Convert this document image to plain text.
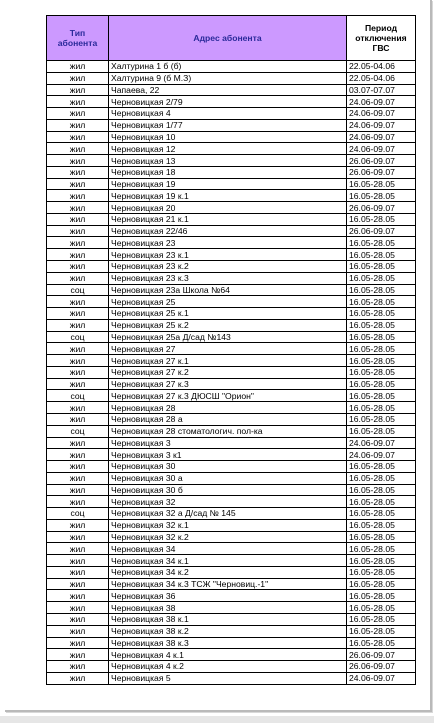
Тип абонента	Адрес абонента	Период отключения ГВС
жил	Халтурина 1 б (б)	22.05-04.06
жил	Халтурина 9 (б М.З)	22.05-04.06
жил	Чапаева, 22	03.07-07.07
жил	Черновицкая 2/79	24.06-09.07
жил	Черновицкая 4	24.06-09.07
жил	Черновицкая 1/77	24.06-09.07
жил	Черновицкая 10	24.06-09.07
жил	Черновицкая 12	24.06-09.07
жил	Черновицкая 13	26.06-09.07
жил	Черновицкая 18	26.06-09.07
жил	Черновицкая 19	16.05-28.05
жил	Черновицкая 19 к.1	16.05-28.05
жил	Черновицкая 20	26.06-09.07
жил	Черновицкая 21 к.1	16.05-28.05
жил	Черновицкая 22/46	26.06-09.07
жил	Черновицкая 23	16.05-28.05
жил	Черновицкая 23 к.1	16.05-28.05
жил	Черновицкая 23 к.2	16.05-28.05
жил	Черновицкая 23 к.3	16.05-28.05
соц	Черновицкая 23а Школа №64	16.05-28.05
жил	Черновицкая 25	16.05-28.05
жил	Черновицкая 25 к.1	16.05-28.05
жил	Черновицкая 25 к.2	16.05-28.05
соц	Черновицкая 25а Д/сад №143	16.05-28.05
жил	Черновицкая 27	16.05-28.05
жил	Черновицкая 27 к.1	16.05-28.05
жил	Черновицкая 27 к.2	16.05-28.05
жил	Черновицкая 27 к.3	16.05-28.05
соц	Черновицкая 27 к.3 ДЮСШ "Орион"	16.05-28.05
жил	Черновицкая 28	16.05-28.05
жил	Черновицкая 28 а	16.05-28.05
соц	Черновицкая 28 стоматологич. пол-ка	16.05-28.05
жил	Черновицкая 3	24.06-09.07
жил	Черновицкая 3 к1	24.06-09.07
жил	Черновицкая 30	16.05-28.05
жил	Черновицкая 30 а	16.05-28.05
жил	Черновицкая 30 б	16.05-28.05
жил	Черновицкая 32	16.05-28.05
соц	Черновицкая 32 а Д/сад № 145	16.05-28.05
жил	Черновицкая 32 к.1	16.05-28.05
жил	Черновицкая 32 к.2	16.05-28.05
жил	Черновицкая 34	16.05-28.05
жил	Черновицкая 34 к.1	16.05-28.05
жил	Черновицкая 34 к.2	16.05-28.05
жил	Черновицкая 34 к.3 ТСЖ "Черновиц.-1"	16.05-28.05
жил	Черновицкая 36	16.05-28.05
жил	Черновицкая 38	16.05-28.05
жил	Черновицкая 38 к.1	16.05-28.05
жил	Черновицкая 38 к.2	16.05-28.05
жил	Черновицкая 38 к.3	16.05-28.05
жил	Черновицкая 4 к.1	26.06-09.07
жил	Черновицкая 4 к.2	26.06-09.07
жил	Черновицкая 5	24.06-09.07
